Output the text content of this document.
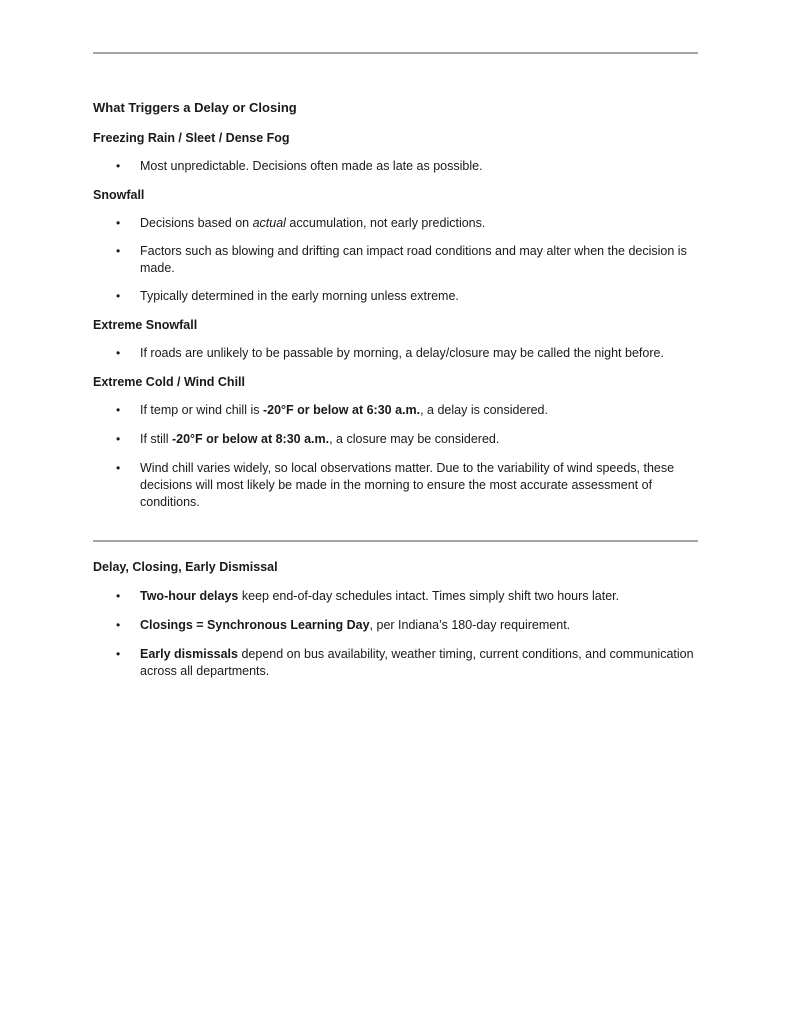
What Triggers a Delay or Closing

Freezing Rain / Sleet / Dense Fog

• Most unpredictable. Decisions often made as late as possible.

Snowfall

• Decisions based on actual accumulation, not early predictions.
• Factors such as blowing and drifting can impact road conditions and may alter when the decision is made.
• Typically determined in the early morning unless extreme.

Extreme Snowfall

• If roads are unlikely to be passable by morning, a delay/closure may be called the night before.

Extreme Cold / Wind Chill

• If temp or wind chill is -20°F or below at 6:30 a.m., a delay is considered.
• If still -20°F or below at 8:30 a.m., a closure may be considered.
• Wind chill varies widely, so local observations matter. Due to the variability of wind speeds, these decisions will most likely be made in the morning to ensure the most accurate assessment of conditions.

Delay, Closing, Early Dismissal

• Two-hour delays keep end-of-day schedules intact. Times simply shift two hours later.
• Closings = Synchronous Learning Day, per Indiana’s 180-day requirement.
• Early dismissals depend on bus availability, weather timing, current conditions, and communication across all departments.
